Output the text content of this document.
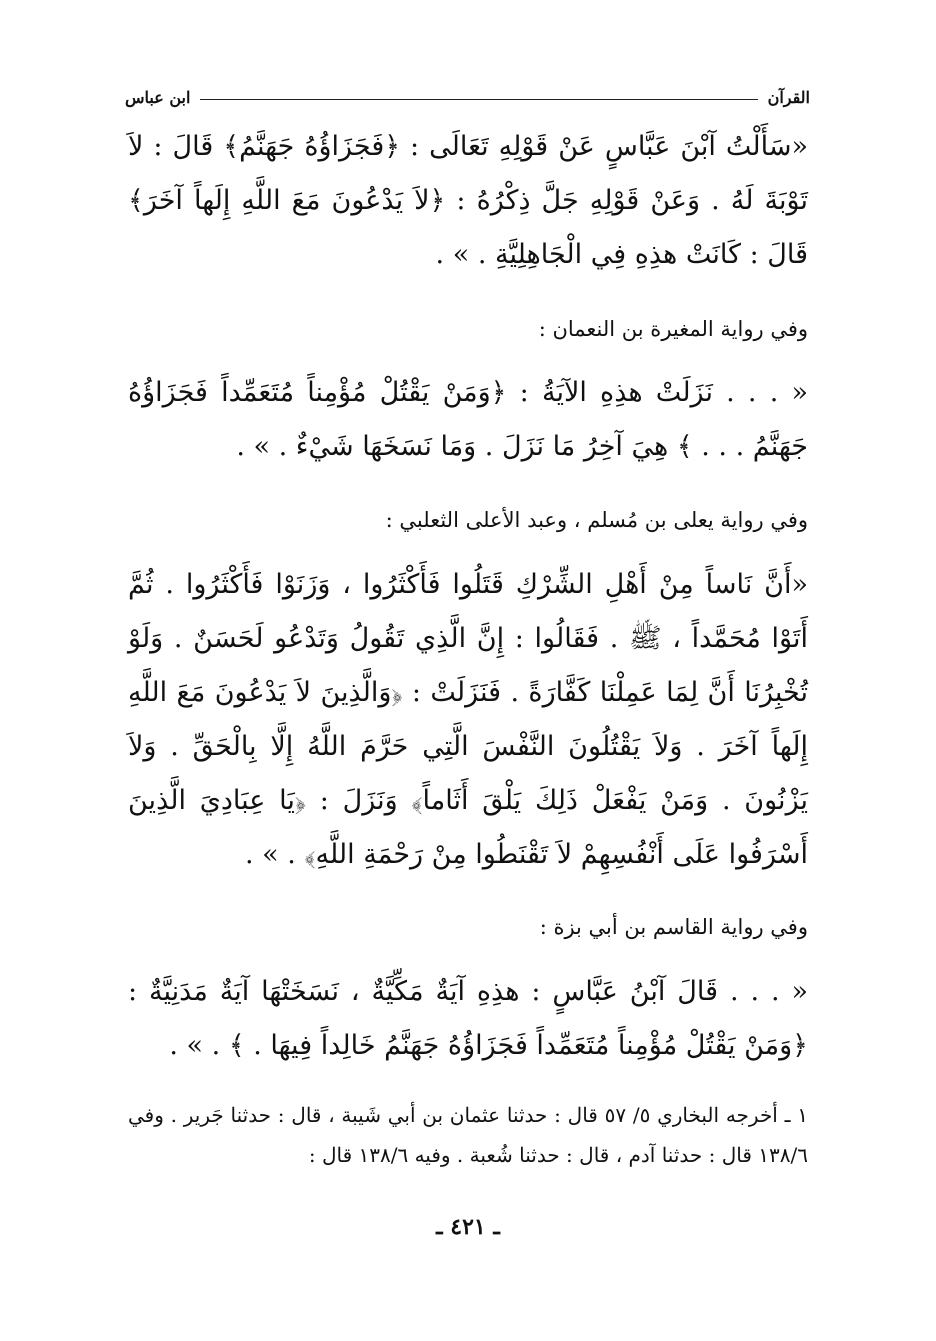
القرآن
ابن عباس

«سَأَلْتُ آبْنَ عَبَّاسٍ عَنْ قَوْلِهِ تَعَالَى : ﴿فَجَزَاؤُهُ جَهَنَّمُ﴾ قَالَ : لاَ تَوْبَةَ لَهُ . وَعَنْ قَوْلِهِ جَلَّ ذِكْرُهُ : ﴿لاَ يَدْعُونَ مَعَ اللَّهِ إِلَهاً آخَرَ﴾ قَالَ : كَانَتْ هذِهِ فِي الْجَاهِلِيَّةِ . » .

وفي رواية المغيرة بن النعمان :

« . . . نَزَلَتْ هذِهِ الآيَةُ : ﴿وَمَنْ يَقْتُلْ مُؤْمِناً مُتَعَمِّداً فَجَزَاؤُهُ جَهَنَّمُ . . . ﴾ هِيَ آخِرُ مَا نَزَلَ . وَمَا نَسَخَهَا شَيْءٌ . » .

وفي رواية يعلى بن مُسلم ، وعبد الأعلى الثعلبي :

«أَنَّ نَاساً مِنْ أَهْلِ الشِّرْكِ قَتَلُوا فَأَكْثَرُوا ، وَزَنَوْا فَأَكْثَرُوا . ثُمَّ أَتَوْا مُحَمَّداً ، ﷺ . فَقَالُوا : إِنَّ الَّذِي تَقُولُ وَتَدْعُو لَحَسَنٌ . وَلَوْ تُخْبِرُنَا أَنَّ لِمَا عَمِلْنَا كَفَّارَةً . فَنَزَلَتْ : ﴿وَالَّذِينَ لاَ يَدْعُونَ مَعَ اللَّهِ إِلَهاً آخَرَ . وَلاَ يَقْتُلُونَ النَّفْسَ الَّتِي حَرَّمَ اللَّهُ إِلَّا بِالْحَقِّ . وَلاَ يَزْنُونَ . وَمَنْ يَفْعَلْ ذَلِكَ يَلْقَ أَثَاماً﴾ وَنَزَلَ : ﴿يَا عِبَادِيَ الَّذِينَ أَسْرَفُوا عَلَى أَنْفُسِهِمْ لاَ تَقْنَطُوا مِنْ رَحْمَةِ اللَّهِ﴾ . » .

وفي رواية القاسم بن أبي بزة :

« . . . قَالَ آبْنُ عَبَّاسٍ : هذِهِ آيَةٌ مَكِّيَّةٌ ، نَسَخَتْهَا آيَةٌ مَدَنِيَّةٌ : ﴿وَمَنْ يَقْتُلْ مُؤْمِناً مُتَعَمِّداً فَجَزَاؤُهُ جَهَنَّمُ خَالِداً فِيهَا . ﴾ . » .

١ ـ أخرجه البخاري ٥/ ٥٧ قال : حدثنا عثمان بن أبي شَيبة ، قال : حدثنا جَرير . وفي ١٣٨/٦ قال : حدثنا آدم ، قال : حدثنا شُعبة . وفيه ١٣٨/٦ قال :

ـ ٤٢١ ـ
